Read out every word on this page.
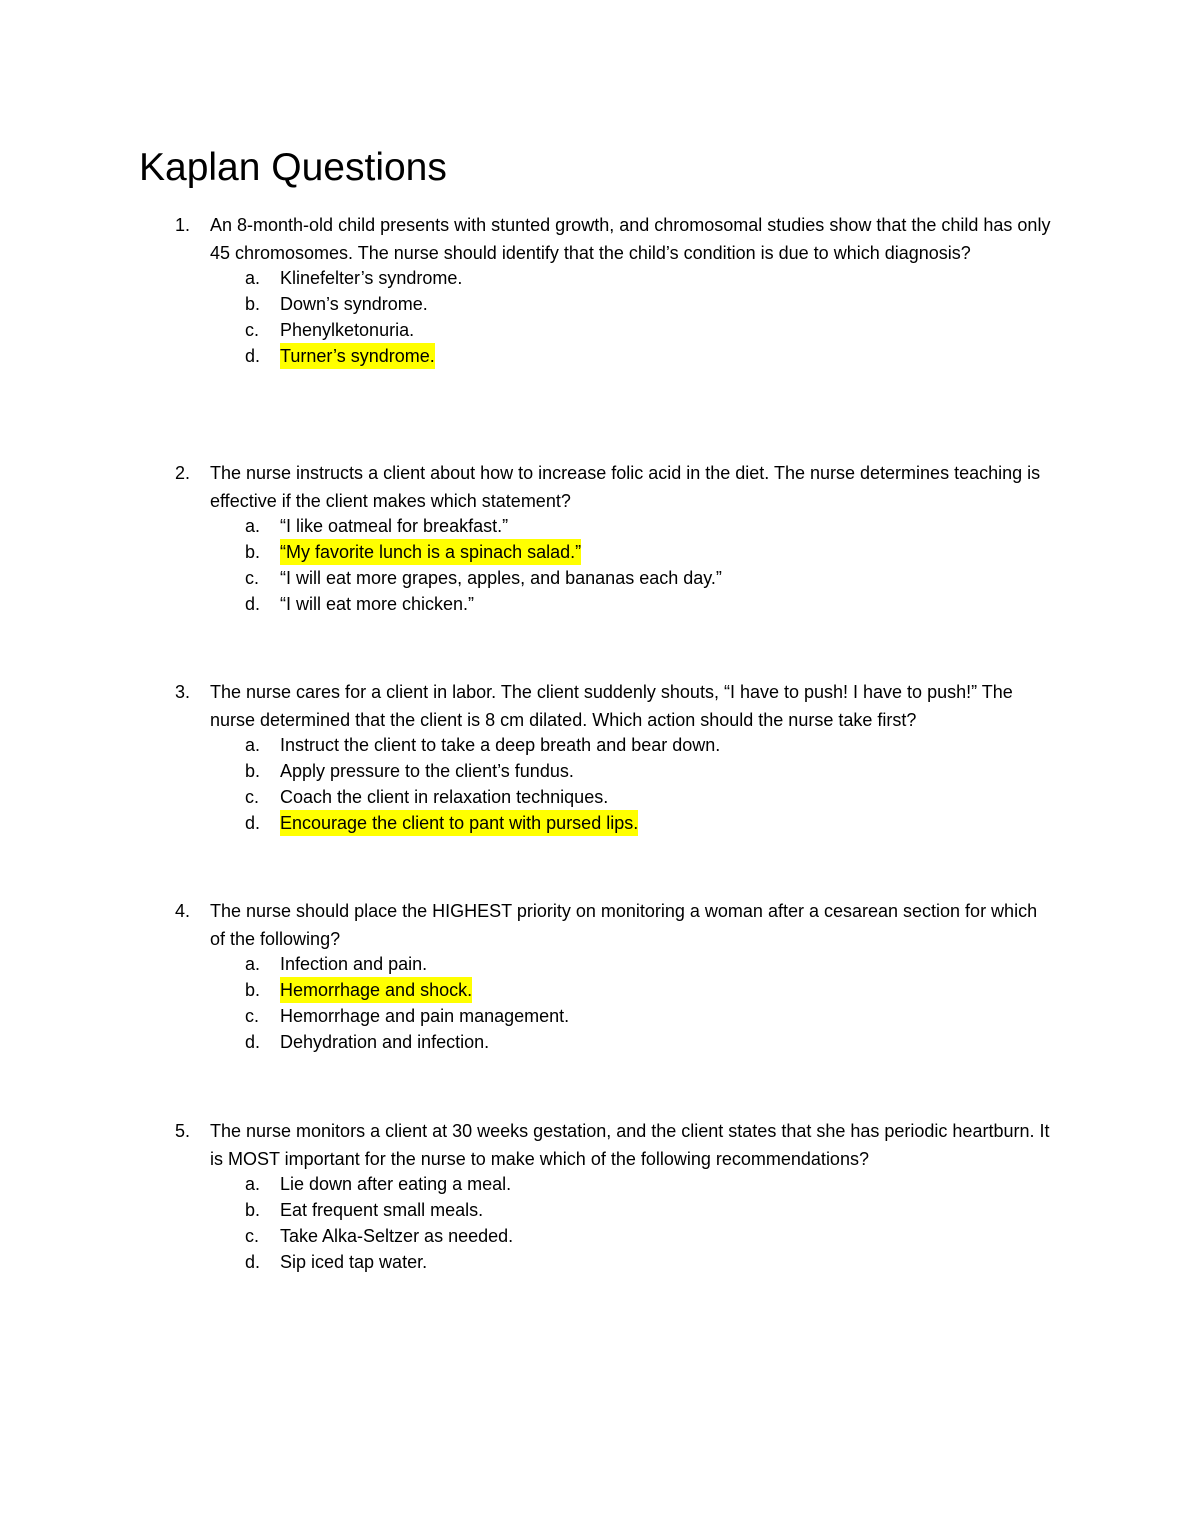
Kaplan Questions
1. An 8-month-old child presents with stunted growth, and chromosomal studies show that the child has only 45 chromosomes. The nurse should identify that the child’s condition is due to which diagnosis?
a. Klinefelter’s syndrome.
b. Down’s syndrome.
c. Phenylketonuria.
d. Turner’s syndrome.
2. The nurse instructs a client about how to increase folic acid in the diet. The nurse determines teaching is effective if the client makes which statement?
a. “I like oatmeal for breakfast.”
b. “My favorite lunch is a spinach salad.”
c. “I will eat more grapes, apples, and bananas each day.”
d. “I will eat more chicken.”
3. The nurse cares for a client in labor. The client suddenly shouts, “I have to push! I have to push!” The nurse determined that the client is 8 cm dilated. Which action should the nurse take first?
a. Instruct the client to take a deep breath and bear down.
b. Apply pressure to the client’s fundus.
c. Coach the client in relaxation techniques.
d. Encourage the client to pant with pursed lips.
4. The nurse should place the HIGHEST priority on monitoring a woman after a cesarean section for which of the following?
a. Infection and pain.
b. Hemorrhage and shock.
c. Hemorrhage and pain management.
d. Dehydration and infection.
5. The nurse monitors a client at 30 weeks gestation, and the client states that she has periodic heartburn. It is MOST important for the nurse to make which of the following recommendations?
a. Lie down after eating a meal.
b. Eat frequent small meals.
c. Take Alka-Seltzer as needed.
d. Sip iced tap water.
